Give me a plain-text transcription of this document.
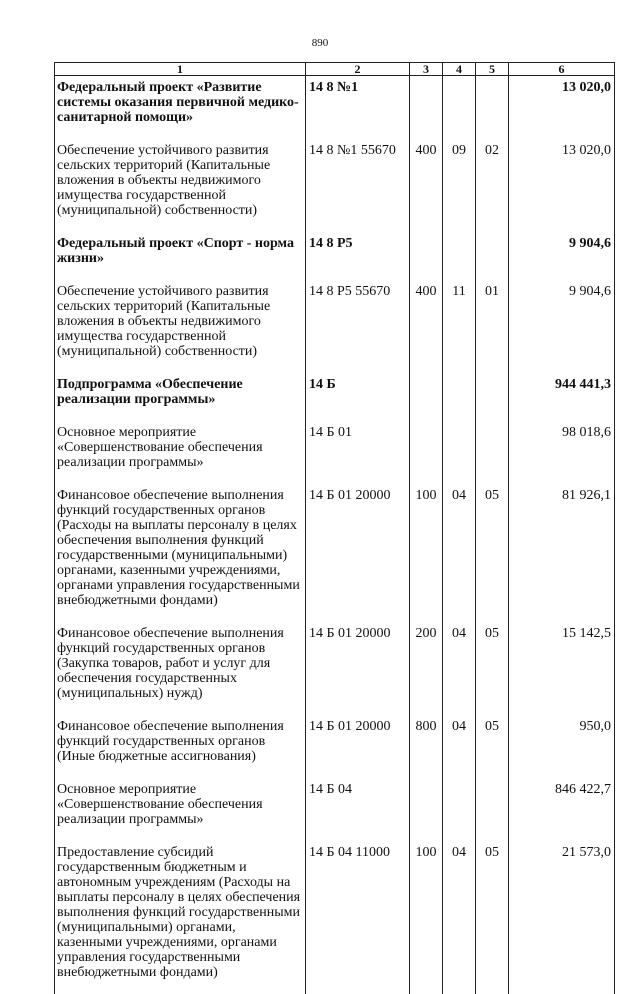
890
1	2	3	4	5	6
Федеральный проект «Развитие системы оказания первичной медико-санитарной помощи»	14 8 №1				13 020,0
Обеспечение устойчивого развития сельских территорий (Капитальные вложения в объекты недвижимого имущества государственной (муниципальной) собственности)	14 8 №1 55670	400	09	02	13 020,0
Федеральный проект «Спорт - норма жизни»	14 8 Р5				9 904,6
Обеспечение устойчивого развития сельских территорий (Капитальные вложения в объекты недвижимого имущества государственной (муниципальной) собственности)	14 8 Р5 55670	400	11	01	9 904,6
Подпрограмма «Обеспечение реализации программы»	14 Б				944 441,3
Основное мероприятие «Совершенствование обеспечения реализации программы»	14 Б 01				98 018,6
Финансовое обеспечение выполнения функций государственных органов (Расходы на выплаты персоналу в целях обеспечения выполнения функций государственными (муниципальными) органами, казенными учреждениями, органами управления государственными внебюджетными фондами)	14 Б 01 20000	100	04	05	81 926,1
Финансовое обеспечение выполнения функций государственных органов (Закупка товаров, работ и услуг для обеспечения государственных (муниципальных) нужд)	14 Б 01 20000	200	04	05	15 142,5
Финансовое обеспечение выполнения функций государственных органов (Иные бюджетные ассигнования)	14 Б 01 20000	800	04	05	950,0
Основное мероприятие «Совершенствование обеспечения реализации программы»	14 Б 04				846 422,7
Предоставление субсидий государственным бюджетным и автономным учреждениям (Расходы на выплаты персоналу в целях обеспечения выполнения функций государственными (муниципальными) органами, казенными учреждениями, органами управления государственными внебюджетными фондами)	14 Б 04 11000	100	04	05	21 573,0
